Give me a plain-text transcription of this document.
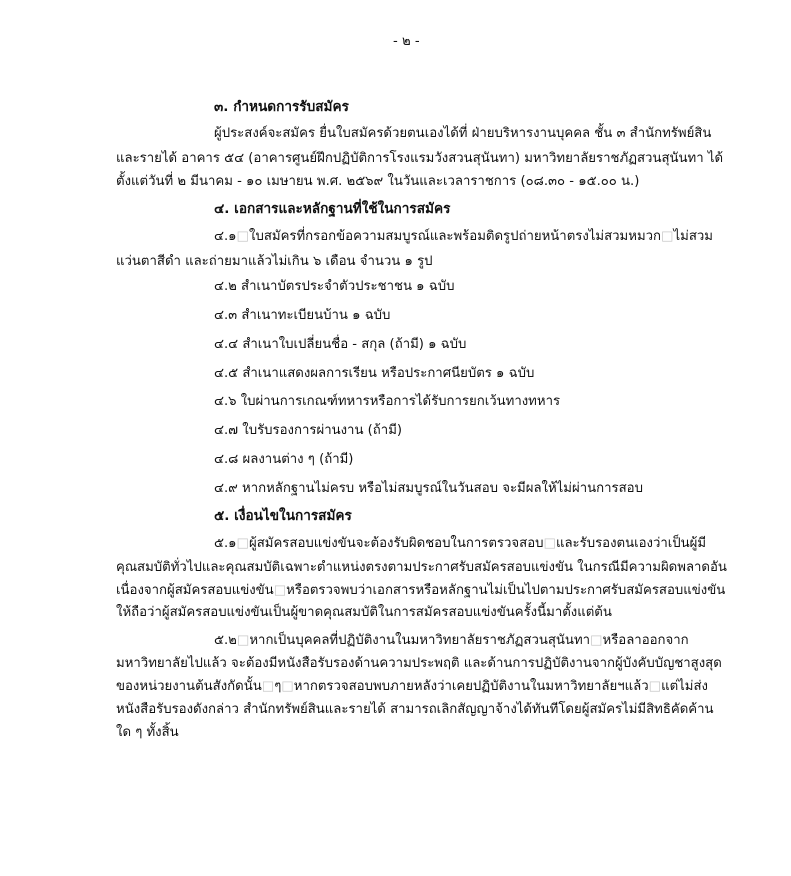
- ๒ -
๓. กำหนดการรับสมัคร
ผู้ประสงค์จะสมัคร ยื่นใบสมัครด้วยตนเองได้ที่ ฝ่ายบริหารงานบุคคล ชั้น ๓ สำนักทรัพย์สิน
และรายได้ อาคาร ๕๔ (อาคารศูนย์ฝึกปฏิบัติการโรงแรมวังสวนสุนันทา) มหาวิทยาลัยราชภัฏสวนสุนันทา ได้
ตั้งแต่วันที่ ๒ มีนาคม - ๑๐ เมษายน พ.ศ. ๒๕๖๙ ในวันและเวลาราชการ (๐๘.๓๐ - ๑๕.๐๐ น.)
๔. เอกสารและหลักฐานที่ใช้ในการสมัคร
๔.๑□ใบสมัครที่กรอกข้อความสมบูรณ์และพร้อมติดรูปถ่ายหน้าตรงไม่สวมหมวก□ไม่สวม
แว่นตาสีดำ และถ่ายมาแล้วไม่เกิน ๖ เดือน จำนวน ๑ รูป
๔.๒ สำเนาบัตรประจำตัวประชาชน ๑ ฉบับ
๔.๓ สำเนาทะเบียนบ้าน ๑ ฉบับ
๔.๔ สำเนาใบเปลี่ยนชื่อ - สกุล (ถ้ามี) ๑ ฉบับ
๔.๕ สำเนาแสดงผลการเรียน หรือประกาศนียบัตร ๑ ฉบับ
๔.๖ ใบผ่านการเกณฑ์ทหารหรือการได้รับการยกเว้นทางทหาร
๔.๗ ใบรับรองการผ่านงาน (ถ้ามี)
๔.๘ ผลงานต่าง ๆ (ถ้ามี)
๔.๙ หากหลักฐานไม่ครบ หรือไม่สมบูรณ์ในวันสอบ จะมีผลให้ไม่ผ่านการสอบ
๕. เงื่อนไขในการสมัคร
๕.๑□ผู้สมัครสอบแข่งขันจะต้องรับผิดชอบในการตรวจสอบ□และรับรองตนเองว่าเป็นผู้มี
คุณสมบัติทั่วไปและคุณสมบัติเฉพาะตำแหน่งตรงตามประกาศรับสมัครสอบแข่งขัน ในกรณีมีความผิดพลาดอัน
เนื่องจากผู้สมัครสอบแข่งขัน□หรือตรวจพบว่าเอกสารหรือหลักฐานไม่เป็นไปตามประกาศรับสมัครสอบแข่งขัน
ให้ถือว่าผู้สมัครสอบแข่งขันเป็นผู้ขาดคุณสมบัติในการสมัครสอบแข่งขันครั้งนี้มาตั้งแต่ต้น
๕.๒□หากเป็นบุคคลที่ปฏิบัติงานในมหาวิทยาลัยราชภัฏสวนสุนันทา□หรือลาออกจาก
มหาวิทยาลัยไปแล้ว จะต้องมีหนังสือรับรองด้านความประพฤติ และด้านการปฏิบัติงานจากผู้บังคับบัญชาสูงสุด
ของหน่วยงานต้นสังกัดนั้น□ๆ□หากตรวจสอบพบภายหลังว่าเคยปฏิบัติงานในมหาวิทยาลัยฯแล้ว□แต่ไม่ส่ง
หนังสือรับรองดังกล่าว สำนักทรัพย์สินและรายได้ สามารถเลิกสัญญาจ้างได้ทันทีโดยผู้สมัครไม่มีสิทธิคัดค้าน
ใด ๆ ทั้งสิ้น
